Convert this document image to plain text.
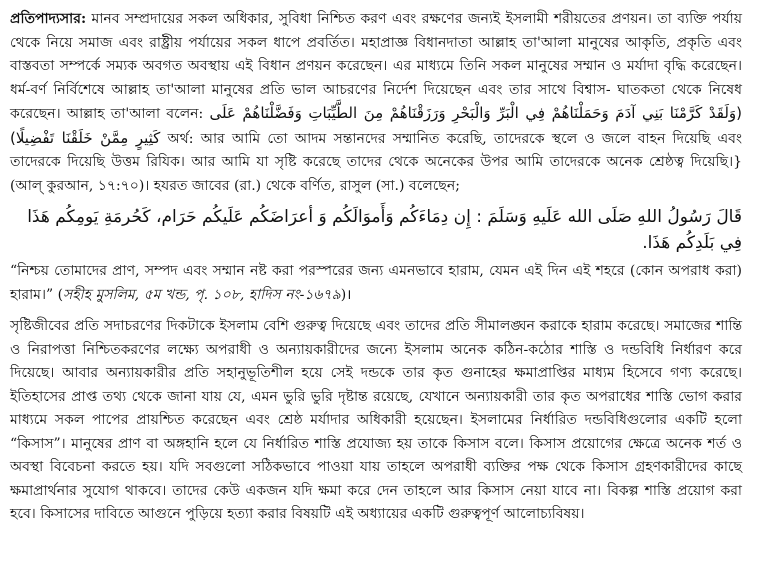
প্রতিপাদ্যসার: মানব সম্প্রদায়ের সকল অধিকার, সুবিধা নিশ্চিত করণ এবং রক্ষণের জন্যই ইসলামী শরীয়তের প্রণয়ন। তা ব্যক্তি পর্যায় থেকে নিয়ে সমাজ এবং রাষ্ট্রীয় পর্যায়ের সকল ধাপে প্রবর্তিত। মহাপ্রাজ্ঞ বিধানদাতা আল্লাহ তা'আলা মানুষের আকৃতি, প্রকৃতি এবং বাস্তবতা সম্পর্কে সম্যক অবগত অবস্থায় এই বিধান প্রণয়ন করেছেন। এর মাধ্যমে তিনি সকল মানুষের সম্মান ও মর্যাদা বৃদ্ধি করেছেন। ধর্ম-বর্ণ নির্বিশেষে আল্লাহ তা'আলা মানুষের প্রতি ভাল আচরণের নির্দেশ দিয়েছেন এবং তার সাথে বিশ্বাস- ঘাতকতা থেকে নিষেধ করেছেন। আল্লাহ তা'আলা বলেন: (وَلَقَدْ كَرَّمْنَا بَنِي آدَمَ وَحَمَلْنَاهُمْ فِي الْبَرِّ وَالْبَحْرِ وَرَزَقْنَاهُمْ مِنَ الطَّيِّبَاتِ وَفَضَّلْنَاهُمْ عَلَى كَثِيرٍ مِمَّنْ خَلَقْنَا تَفْضِيلًا) অর্থ: আর আমি তো আদম সন্তানদের সম্মানিত করেছি, তাদেরকে স্থলে ও জলে বাহন দিয়েছি এবং তাদেরকে দিয়েছি উত্তম রিযিক। আর আমি যা সৃষ্টি করেছে তাদের থেকে অনেকের উপর আমি তাদেরকে অনেক শ্রেষ্ঠত্ব দিয়েছি।} (আল্ কুরআন, ১৭:৭০)। হযরত জাবের (রা.) থেকে বর্ণিত, রাসুল (সা.) বলেছেন;

قَالَ رَسُولُ اللهِ صَلَى الله عَلَيهِ وَسَلَمَ : إِن دِمَاءَكُم وَأَموَالَكُم وَ أعرَاضَكُم عَلَيكُم حَرَام، كَحُرمَةِ يَومِكُم هَذَا فِي بَلَدِكُم هَذَا.

“নিশ্চয় তোমাদের প্রাণ, সম্পদ এবং সম্মান নষ্ট করা পরস্পরের জন্য এমনভাবে হারাম, যেমন এই দিন এই শহরে (কোন অপরাধ করা) হারাম।” (সহীহ মুসলিম, ৫ম খন্ড, পৃ. ১০৮, হাদিস নং-১৬৭৯)।

সৃষ্টিজীবের প্রতি সদাচরণের দিকটাকে ইসলাম বেশি গুরুত্ব দিয়েছে এবং তাদের প্রতি সীমালঙ্ঘন করাকে হারাম করেছে। সমাজের শান্তি ও নিরাপত্তা নিশ্চিতকরণের লক্ষ্যে অপরাধী ও অন্যায়কারীদের জন্যে ইসলাম অনেক কঠিন-কঠোর শাস্তি ও দন্ডবিধি নির্ধারণ করে দিয়েছে। আবার অন্যায়কারীর প্রতি সহানুভূতিশীল হয়ে সেই দন্ডকে তার কৃত গুনাহের ক্ষমাপ্রাপ্তির মাধ্যম হিসেবে গণ্য করেছে। ইতিহাসের প্রাপ্ত তথ্য থেকে জানা যায় যে, এমন ভুরি ভুরি দৃষ্টান্ত রয়েছে, যেখানে অন্যায়কারী তার কৃত অপরাধের শাস্তি ভোগ করার মাধ্যমে সকল পাপের প্রায়শ্চিত করেছেন এবং শ্রেষ্ঠ মর্যাদার অধিকারী হয়েছেন। ইসলামের নির্ধারিত দন্ডবিধিগুলোর একটি হলো “কিসাস”। মানুষের প্রাণ বা অঙ্গহানি হলে যে নির্ধারিত শাস্তি প্রযোজ্য হয় তাকে কিসাস বলে। কিসাস প্রয়োগের ক্ষেত্রে অনেক শর্ত ও অবস্থা বিবেচনা করতে হয়। যদি সবগুলো সঠিকভাবে পাওয়া যায় তাহলে অপরাধী ব্যক্তির পক্ষ থেকে কিসাস গ্রহণকারীদের কাছে ক্ষমাপ্রার্থনার সুযোগ থাকবে। তাদের কেউ একজন যদি ক্ষমা করে দেন তাহলে আর কিসাস নেয়া যাবে না। বিকল্প শাস্তি প্রয়োগ করা হবে। কিসাসের দাবিতে আগুনে পুড়িয়ে হত্যা করার বিষয়টি এই অধ্যায়ের একটি গুরুত্বপূর্ণ আলোচ্যবিষয়।
